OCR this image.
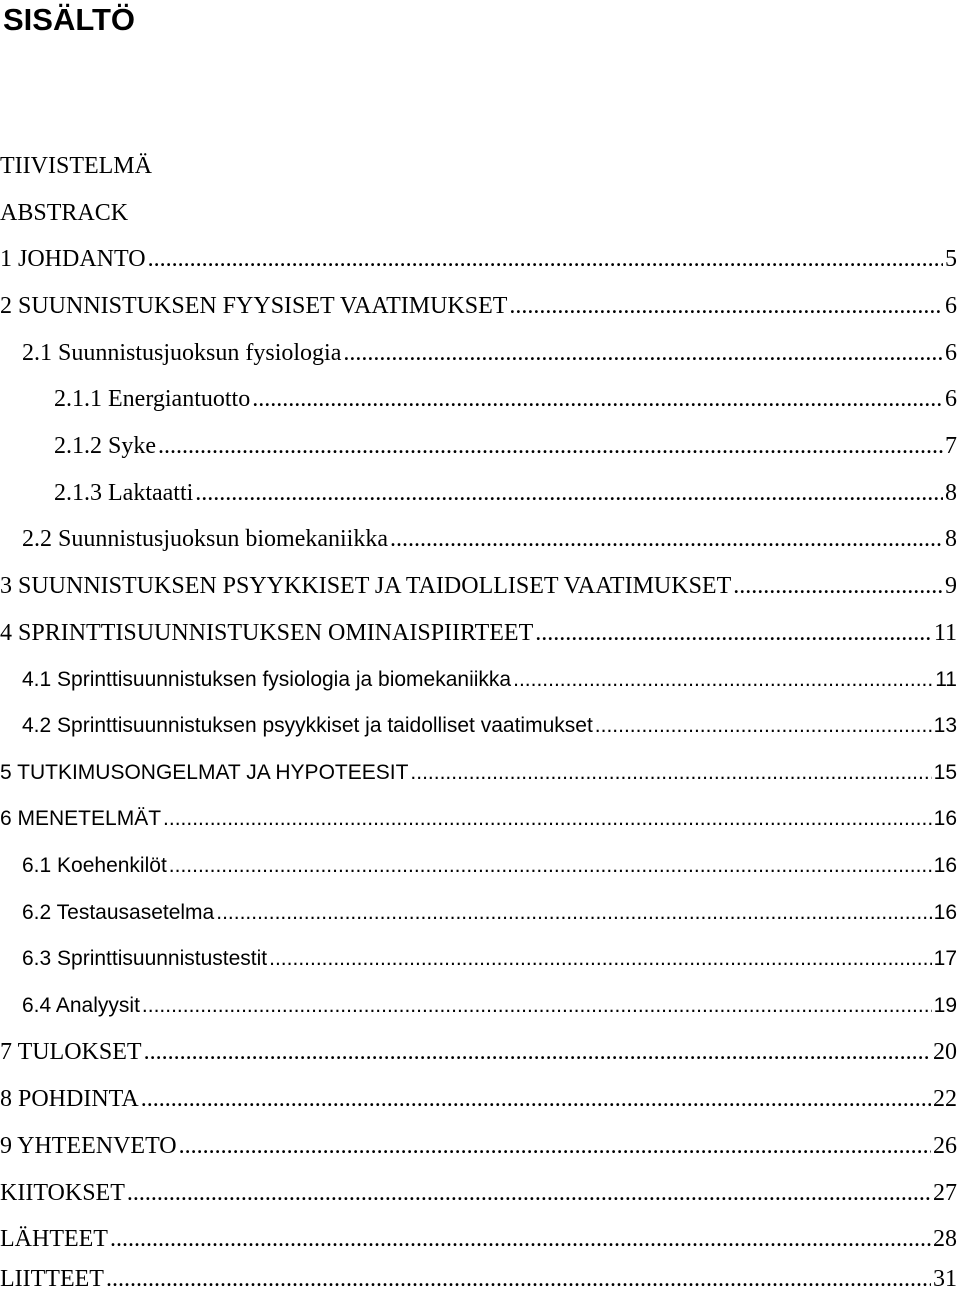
SISÄLTÖ
TIIVISTELMÄ
ABSTRACK
1 JOHDANTO .....	5
2 SUUNNISTUKSEN FYYSISET VAATIMUKSET .....	6
2.1 Suunnistusjuoksun fysiologia .....	6
2.1.1 Energiantuotto .....	6
2.1.2 Syke .....	7
2.1.3 Laktaatti .....	8
2.2 Suunnistusjuoksun biomekaniikka .....	8
3 SUUNNISTUKSEN PSYYKKISET JA TAIDOLLISET VAATIMUKSET .....	9
4 SPRINTTISUUNNISTUKSEN OMINAISPIIRTEET .....	11
4.1 Sprinttisuunnistuksen fysiologia ja biomekaniikka .....	11
4.2 Sprinttisuunnistuksen psyykkiset ja taidolliset vaatimukset .....	13
5 TUTKIMUSONGELMAT JA HYPOTEESIT .....	15
6 MENETELMÄT .....	16
6.1 Koehenkilöt .....	16
6.2 Testausasetelma .....	16
6.3 Sprinttisuunnistustestit .....	17
6.4 Analyysit .....	19
7 TULOKSET .....	20
8 POHDINTA .....	22
9 YHTEENVETO .....	26
KIITOKSET .....	27
LÄHTEET .....	28
LIITTEET .....	31
